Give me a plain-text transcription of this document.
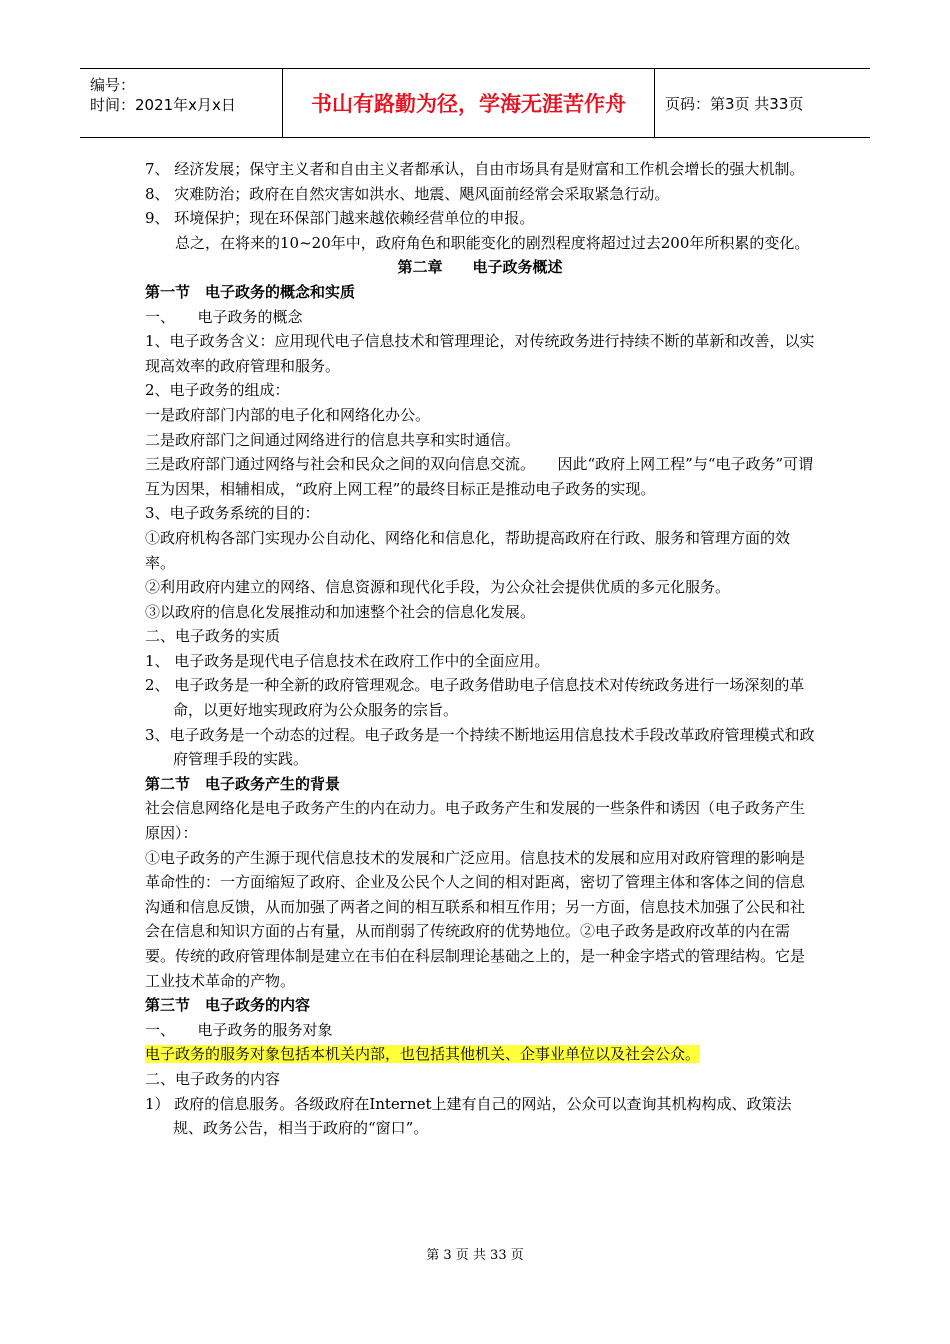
编号：
时间：2021年x月x日	书山有路勤为径，学海无涯苦作舟	页码：第3页 共33页

7、 经济发展；保守主义者和自由主义者都承认，自由市场具有是财富和工作机会增长的强大机制。

8、 灾难防治；政府在自然灾害如洪水、地震、飓风面前经常会采取紧急行动。

9、 环境保护；现在环保部门越来越依赖经营单位的申报。

总之，在将来的10~20年中，政府角色和职能变化的剧烈程度将超过过去200年所积累的变化。

第二章　　电子政务概述

第一节　电子政务的概念和实质

一、　　电子政务的概念

1、电子政务含义：应用现代电子信息技术和管理理论，对传统政务进行持续不断的革新和改善，以实现高效率的政府管理和服务。

2、电子政务的组成：

一是政府部门内部的电子化和网络化办公。

二是政府部门之间通过网络进行的信息共享和实时通信。

三是政府部门通过网络与社会和民众之间的双向信息交流。　　因此“政府上网工程”与“电子政务”可谓互为因果，相辅相成，“政府上网工程”的最终目标正是推动电子政务的实现。

3、电子政务系统的目的：

①政府机构各部门实现办公自动化、网络化和信息化，帮助提高政府在行政、服务和管理方面的效率。

②利用政府内建立的网络、信息资源和现代化手段，为公众社会提供优质的多元化服务。

③以政府的信息化发展推动和加速整个社会的信息化发展。

二、电子政务的实质

1、 电子政务是现代电子信息技术在政府工作中的全面应用。

2、 电子政务是一种全新的政府管理观念。电子政务借助电子信息技术对传统政务进行一场深刻的革命，以更好地实现政府为公众服务的宗旨。

3、电子政务是一个动态的过程。电子政务是一个持续不断地运用信息技术手段改革政府管理模式和政府管理手段的实践。

第二节　电子政务产生的背景

社会信息网络化是电子政务产生的内在动力。电子政务产生和发展的一些条件和诱因（电子政务产生原因）：

①电子政务的产生源于现代信息技术的发展和广泛应用。信息技术的发展和应用对政府管理的影响是革命性的：一方面缩短了政府、企业及公民个人之间的相对距离，密切了管理主体和客体之间的信息沟通和信息反馈，从而加强了两者之间的相互联系和相互作用；另一方面，信息技术加强了公民和社会在信息和知识方面的占有量，从而削弱了传统政府的优势地位。②电子政务是政府改革的内在需要。传统的政府管理体制是建立在韦伯在科层制理论基础之上的，是一种金字塔式的管理结构。它是工业技术革命的产物。

第三节　电子政务的内容

一、　　电子政务的服务对象

电子政务的服务对象包括本机关内部，也包括其他机关、企事业单位以及社会公众。

二、电子政务的内容

1） 政府的信息服务。各级政府在Internet上建有自己的网站，公众可以查询其机构构成、政策法规、政务公告，相当于政府的“窗口”。

第 3 页 共 33 页
